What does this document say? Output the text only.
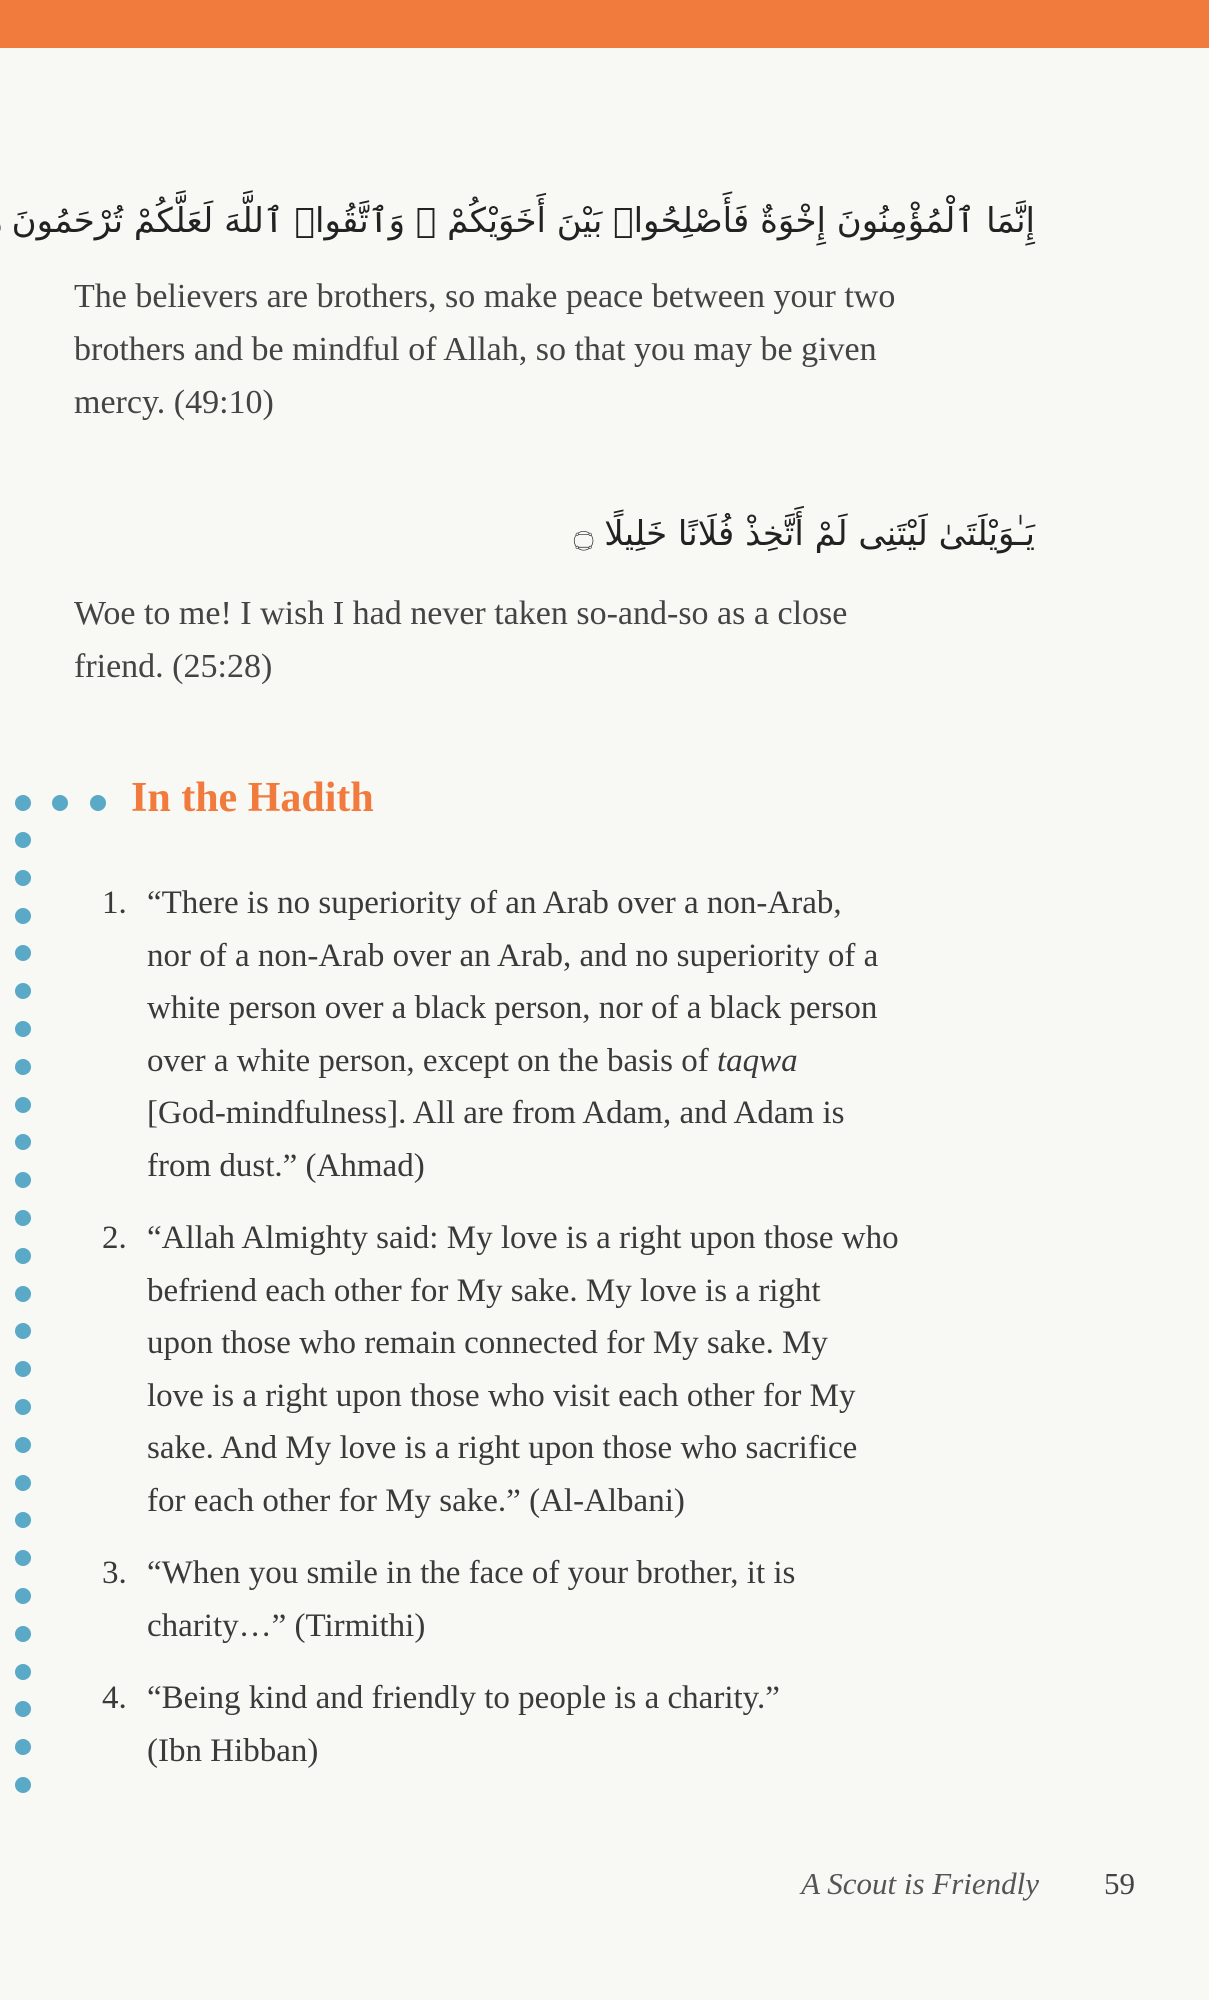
إِنَّمَا ٱلْمُؤْمِنُونَ إِخْوَةٌ فَأَصْلِحُوا۟ بَيْنَ أَخَوَيْكُمْ ۚ وَٱتَّقُوا۟ ٱللَّهَ لَعَلَّكُمْ تُرْحَمُونَ
The believers are brothers, so make peace between your two
brothers and be mindful of Allah, so that you may be given
mercy. (49:10)
يَـٰوَيْلَتَىٰ لَيْتَنِى لَمْ أَتَّخِذْ فُلَانًا خَلِيلًا ۝
Woe to me! I wish I had never taken so-and-so as a close
friend. (25:28)
In the Hadith
1. “There is no superiority of an Arab over a non-Arab,
nor of a non-Arab over an Arab, and no superiority of a
white person over a black person, nor of a black person
over a white person, except on the basis of taqwa
[God-mindfulness]. All are from Adam, and Adam is
from dust.” (Ahmad)
2. “Allah Almighty said: My love is a right upon those who
befriend each other for My sake. My love is a right
upon those who remain connected for My sake. My
love is a right upon those who visit each other for My
sake. And My love is a right upon those who sacrifice
for each other for My sake.” (Al-Albani)
3. “When you smile in the face of your brother, it is
charity…” (Tirmithi)
4. “Being kind and friendly to people is a charity.”
(Ibn Hibban)
A Scout is Friendly 59
